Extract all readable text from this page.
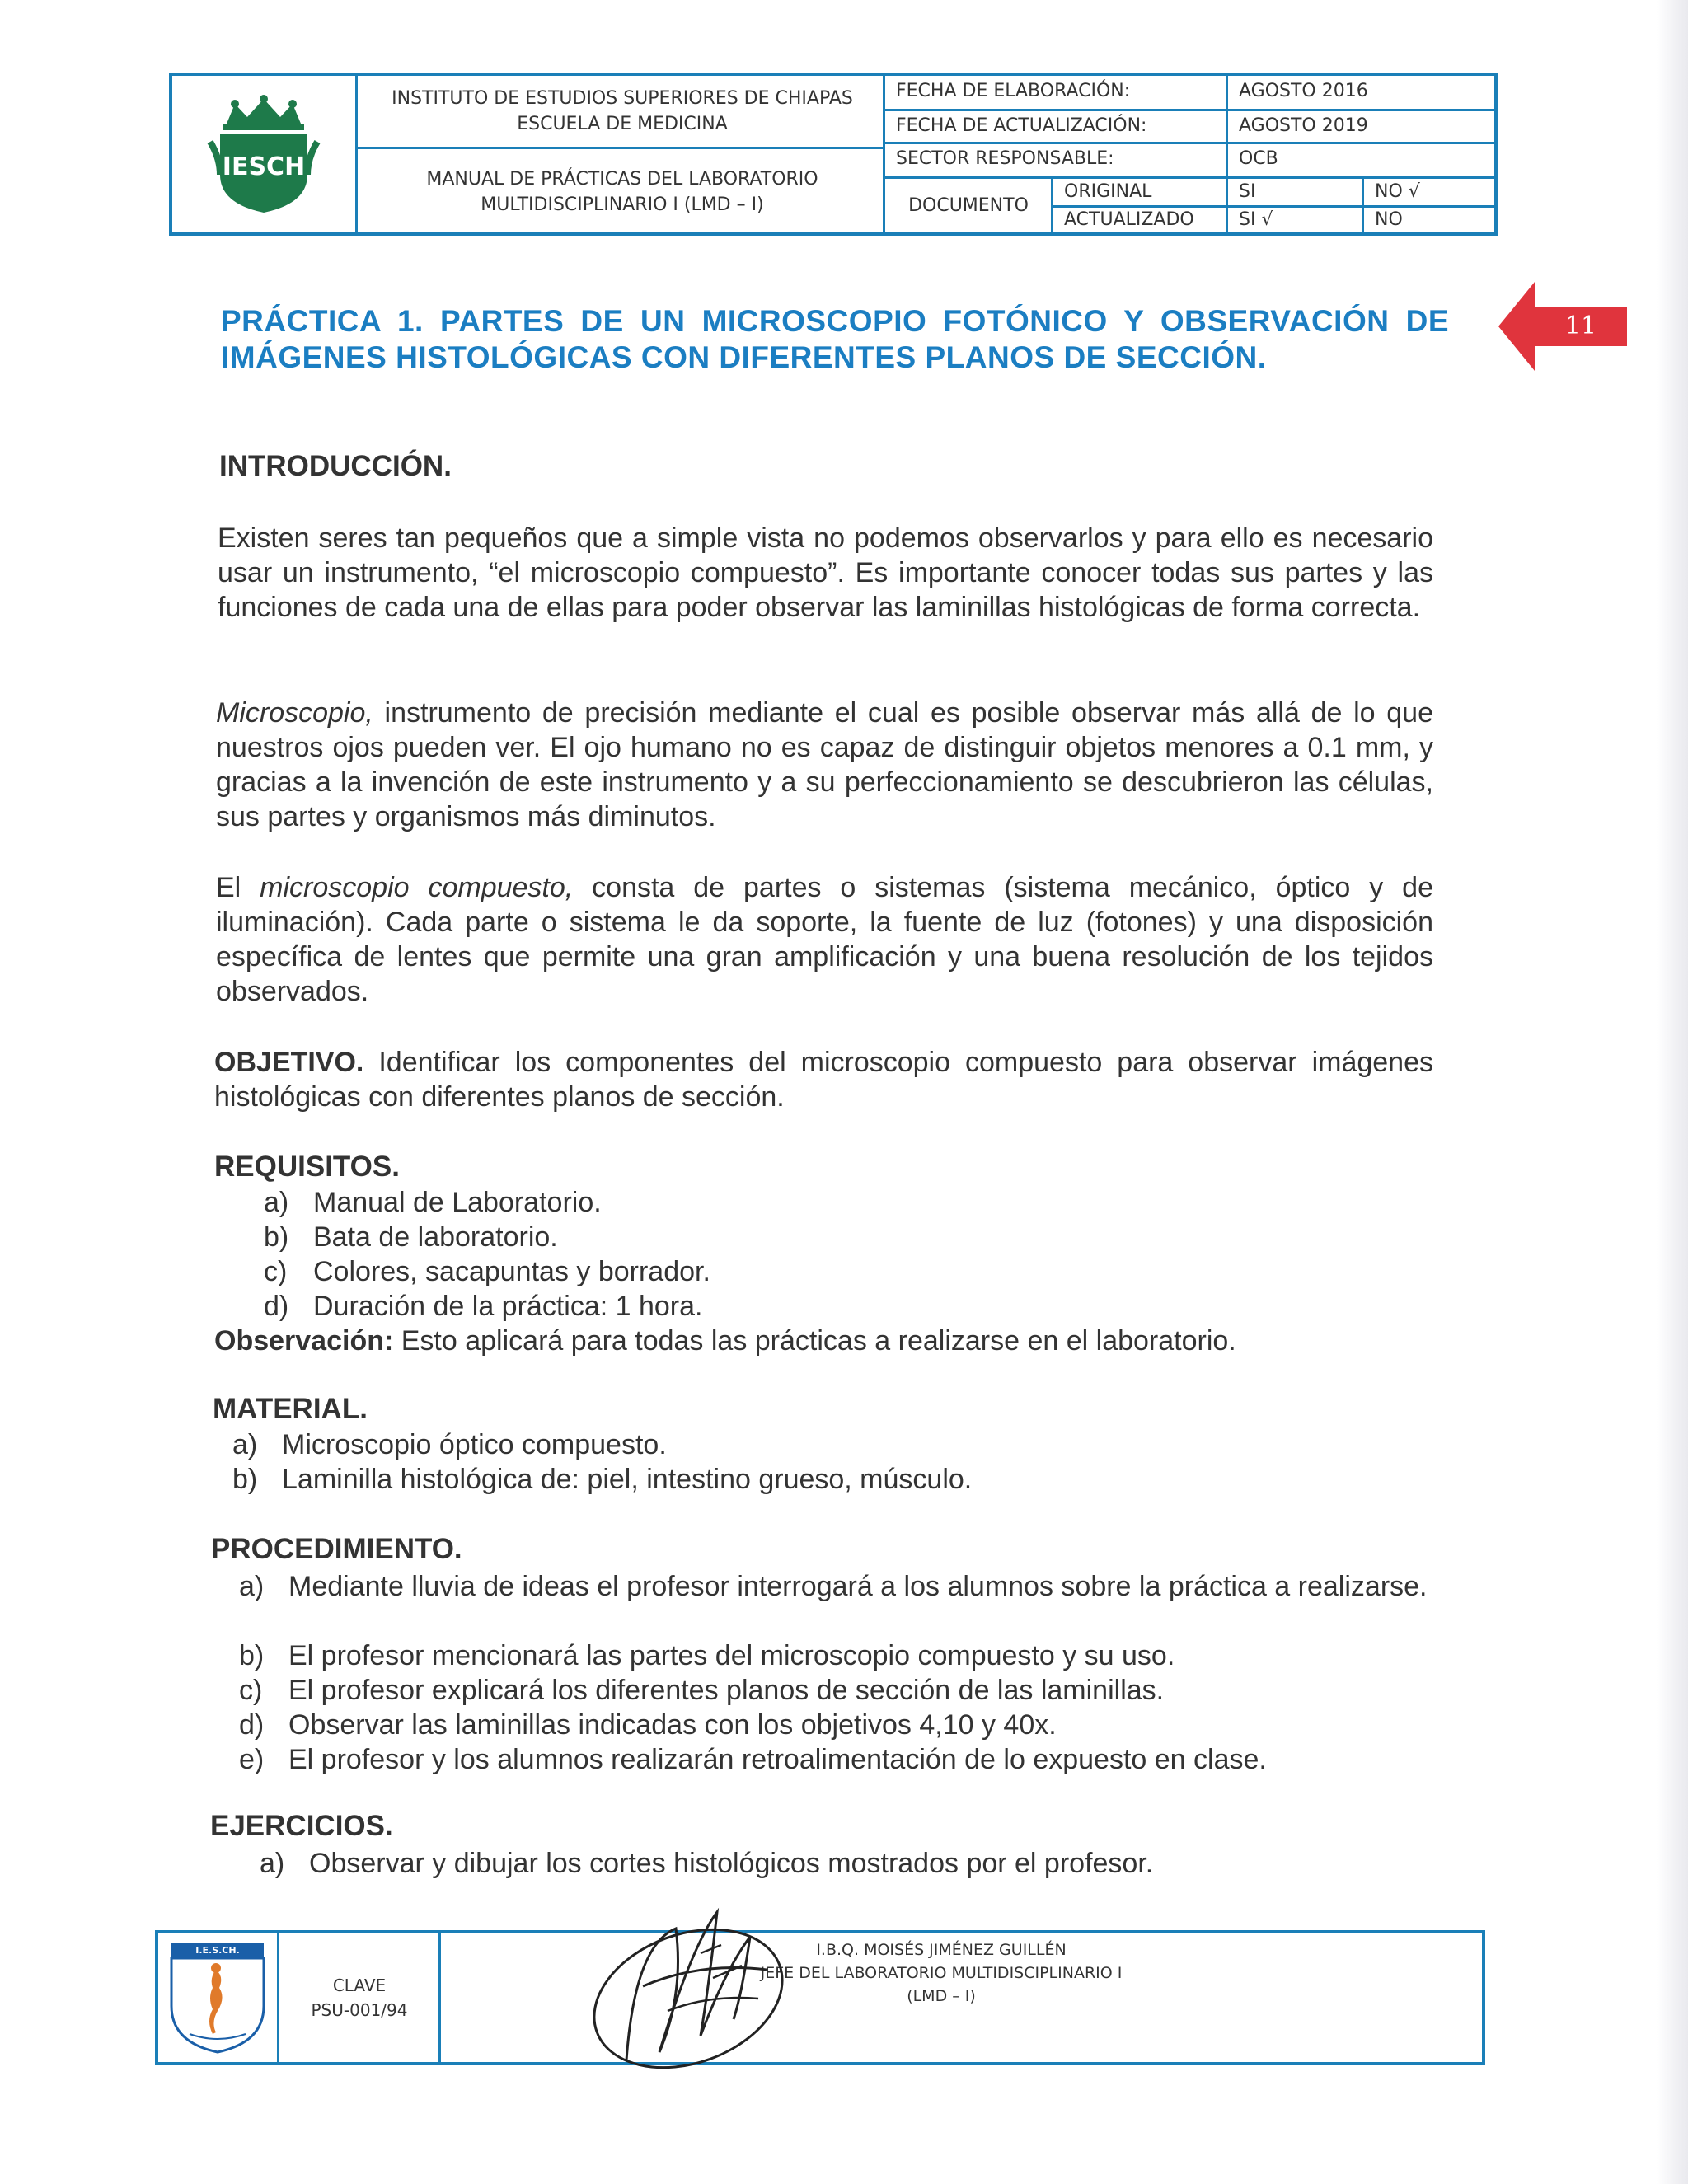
IESCH
INSTITUTO DE ESTUDIOS SUPERIORES DE CHIAPAS
ESCUELA DE MEDICINA
MANUAL DE PRÁCTICAS DEL LABORATORIO
MULTIDISCIPLINARIO I (LMD – I)
FECHA DE ELABORACIÓN:	AGOSTO 2016
FECHA DE ACTUALIZACIÓN:	AGOSTO 2019
SECTOR RESPONSABLE:	OCB
DOCUMENTO
ORIGINAL	SI	NO √
ACTUALIZADO	SI √	NO
11
PRÁCTICA 1. PARTES DE UN MICROSCOPIO FOTÓNICO Y OBSERVACIÓN DE IMÁGENES HISTOLÓGICAS CON DIFERENTES PLANOS DE SECCIÓN.
INTRODUCCIÓN.
Existen seres tan pequeños que a simple vista no podemos observarlos y para ello es necesario usar un instrumento, “el microscopio compuesto”. Es importante conocer todas sus partes y las funciones de cada una de ellas para poder observar las laminillas histológicas de forma correcta.
Microscopio, instrumento de precisión mediante el cual es posible observar más allá de lo que nuestros ojos pueden ver. El ojo humano no es capaz de distinguir objetos menores a 0.1 mm, y gracias a la invención de este instrumento y a su perfeccionamiento se descubrieron las células, sus partes y organismos más diminutos.
El microscopio compuesto, consta de partes o sistemas (sistema mecánico, óptico y de iluminación). Cada parte o sistema le da soporte, la fuente de luz (fotones) y una disposición específica de lentes que permite una gran amplificación y una buena resolución de los tejidos observados.
OBJETIVO. Identificar los componentes del microscopio compuesto para observar imágenes histológicas con diferentes planos de sección.
REQUISITOS.
a) Manual de Laboratorio.
b) Bata de laboratorio.
c) Colores, sacapuntas y borrador.
d) Duración de la práctica: 1 hora.
Observación: Esto aplicará para todas las prácticas a realizarse en el laboratorio.
MATERIAL.
a) Microscopio óptico compuesto.
b) Laminilla histológica de: piel, intestino grueso, músculo.
PROCEDIMIENTO.
a) Mediante lluvia de ideas el profesor interrogará a los alumnos sobre la práctica a realizarse.
b) El profesor mencionará las partes del microscopio compuesto y su uso.
c) El profesor explicará los diferentes planos de sección de las laminillas.
d) Observar las laminillas indicadas con los objetivos 4,10 y 40x.
e) El profesor y los alumnos realizarán retroalimentación de lo expuesto en clase.
EJERCICIOS.
a) Observar y dibujar los cortes histológicos mostrados por el profesor.
I.E.S.CH.
CLAVE
PSU-001/94
I.B.Q. MOISÉS JIMÉNEZ GUILLÉN
JEFE DEL LABORATORIO MULTIDISCIPLINARIO I
(LMD – I)
